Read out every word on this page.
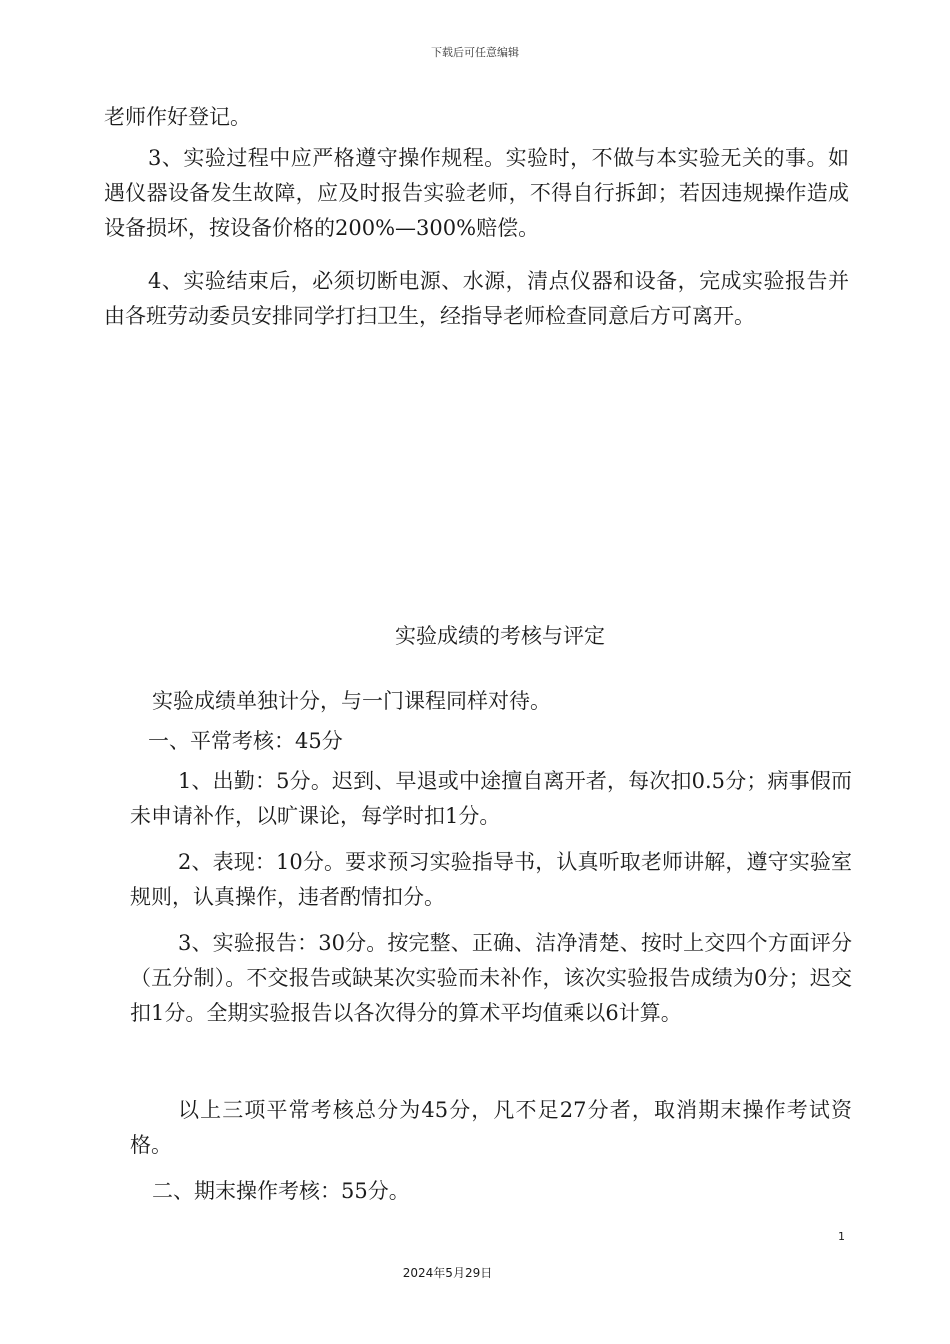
下载后可任意编辑

老师作好登记。

3、实验过程中应严格遵守操作规程。实验时，不做与本实验无关的事。如遇仪器设备发生故障，应及时报告实验老师，不得自行拆卸；若因违规操作造成设备损坏，按设备价格的200%—300%赔偿。

4、实验结束后，必须切断电源、水源，清点仪器和设备，完成实验报告并由各班劳动委员安排同学打扫卫生，经指导老师检查同意后方可离开。

实验成绩的考核与评定

实验成绩单独计分，与一门课程同样对待。

一、平常考核：45分

1、出勤：5分。迟到、早退或中途擅自离开者，每次扣0.5分；病事假而未申请补作，以旷课论，每学时扣1分。

2、表现：10分。要求预习实验指导书，认真听取老师讲解，遵守实验室规则，认真操作，违者酌情扣分。

3、实验报告：30分。按完整、正确、洁净清楚、按时上交四个方面评分（五分制）。不交报告或缺某次实验而未补作，该次实验报告成绩为0分；迟交扣1分。全期实验报告以各次得分的算术平均值乘以6计算。

以上三项平常考核总分为45分，凡不足27分者，取消期末操作考试资格。

二、期末操作考核：55分。

1
2024年5月29日
